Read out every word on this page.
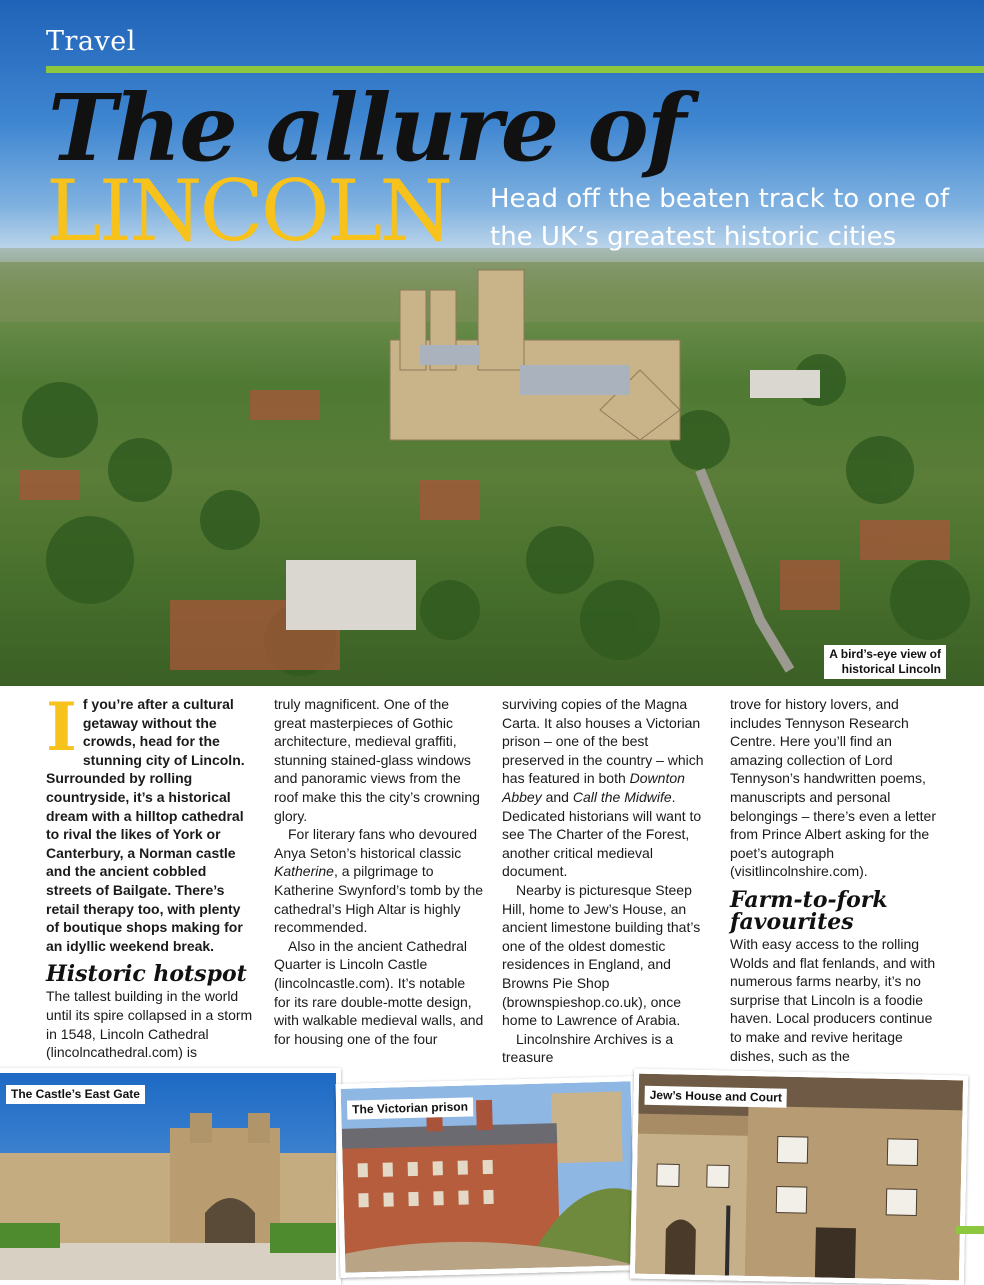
Travel
The allure of
LINCOLN Head off the beaten track to one of the UK’s greatest historic cities
A bird’s-eye view of
historical Lincoln

If you’re after a cultural getaway without the crowds, head for the stunning city of Lincoln. Surrounded by rolling countryside, it’s a historical dream with a hilltop cathedral to rival the likes of York or Canterbury, a Norman castle and the ancient cobbled streets of Bailgate. There’s retail therapy too, with plenty of boutique shops making for an idyllic weekend break.

Historic hotspot

The tallest building in the world until its spire collapsed in a storm in 1548, Lincoln Cathedral (lincolncathedral.com) is

truly magnificent. One of the great masterpieces of Gothic architecture, medieval graffiti, stunning stained-glass windows and panoramic views from the roof make this the city’s crowning glory.

For literary fans who devoured Anya Seton’s historical classic Katherine, a pilgrimage to Katherine Swynford’s tomb by the cathedral’s High Altar is highly recommended.

Also in the ancient Cathedral Quarter is Lincoln Castle (lincolncastle.com). It’s notable for its rare double-motte design, with walkable medieval walls, and for housing one of the four

surviving copies of the Magna Carta. It also houses a Victorian prison – one of the best preserved in the country – which has featured in both Downton Abbey and Call the Midwife. Dedicated historians will want to see The Charter of the Forest, another critical medieval document.

Nearby is picturesque Steep Hill, home to Jew’s House, an ancient limestone building that’s one of the oldest domestic residences in England, and Browns Pie Shop (brownspieshop.co.uk), once home to Lawrence of Arabia.

Lincolnshire Archives is a treasure

trove for history lovers, and includes Tennyson Research Centre. Here you’ll find an amazing collection of Lord Tennyson’s handwritten poems, manuscripts and personal belongings – there’s even a letter from Prince Albert asking for the poet’s autograph (visitlincolnshire.com).

Farm-to-fork favourites

With easy access to the rolling Wolds and flat fenlands, and with numerous farms nearby, it’s no surprise that Lincoln is a foodie haven. Local producers continue to make and revive heritage dishes, such as the

The Castle’s East Gate
The Victorian prison
Jew’s House and Court
